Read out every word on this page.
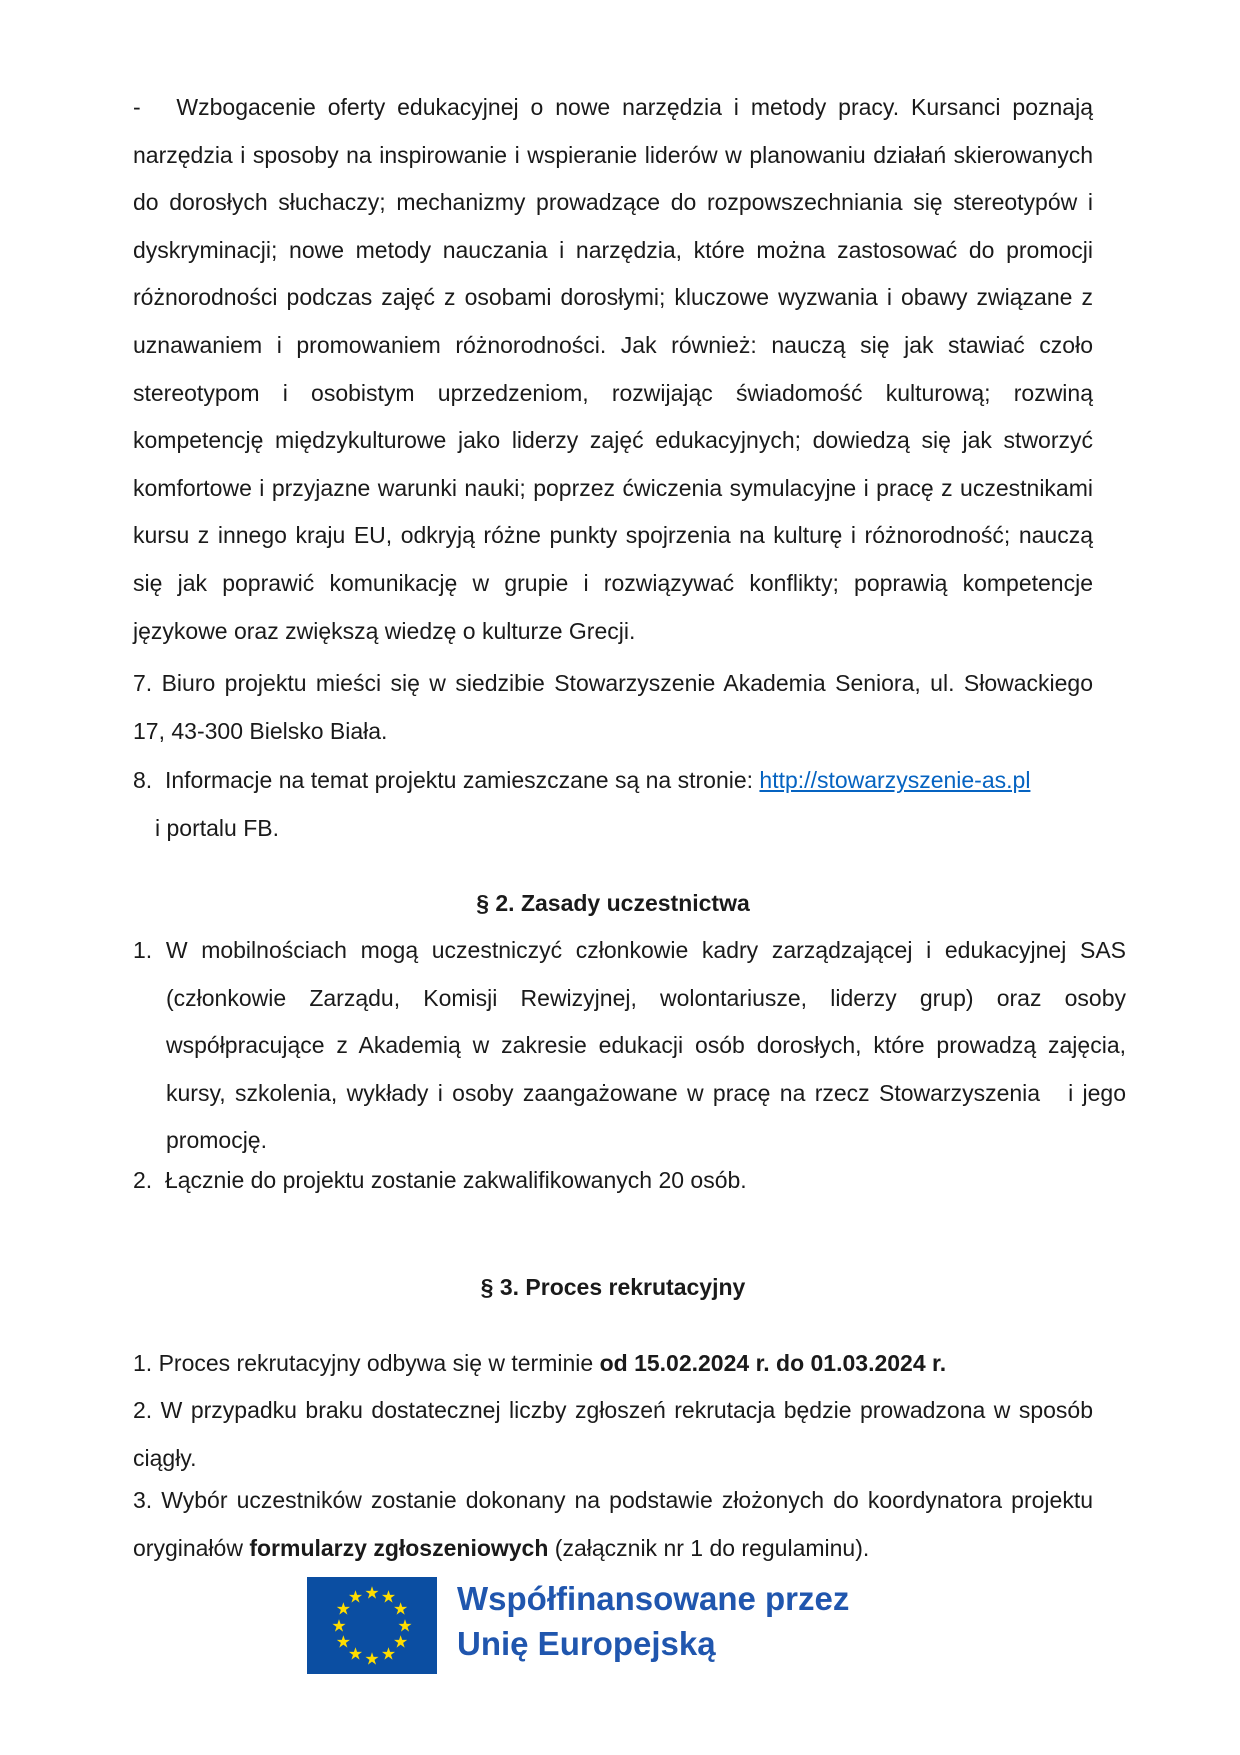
-   Wzbogacenie oferty edukacyjnej o nowe narzędzia i metody pracy. Kursanci poznają narzędzia i sposoby na inspirowanie i wspieranie liderów w planowaniu działań skierowanych do dorosłych słuchaczy; mechanizmy prowadzące do rozpowszechniania się stereotypów i dyskryminacji; nowe metody nauczania i narzędzia, które można zastosować do promocji różnorodności podczas zajęć z osobami dorosłymi; kluczowe wyzwania i obawy związane z uznawaniem i promowaniem różnorodności. Jak również: nauczą się jak stawiać czoło stereotypom i osobistym uprzedzeniom, rozwijając świadomość kulturową; rozwiną kompetencję międzykulturowe jako liderzy zajęć edukacyjnych; dowiedzą się jak stworzyć komfortowe i przyjazne warunki nauki; poprzez ćwiczenia symulacyjne i pracę z uczestnikami kursu z innego kraju EU, odkryją różne punkty spojrzenia na kulturę i różnorodność; nauczą się jak poprawić komunikację w grupie i rozwiązywać konflikty; poprawią kompetencje językowe oraz zwiększą wiedzę o kulturze Grecji.
7. Biuro projektu mieści się w siedzibie Stowarzyszenie Akademia Seniora, ul. Słowackiego 17, 43-300 Bielsko Biała.
8.  Informacje na temat projektu zamieszczane są na stronie: http://stowarzyszenie-as.pl
i portalu FB.
§ 2. Zasady uczestnictwa
1. W mobilnościach mogą uczestniczyć członkowie kadry zarządzającej i edukacyjnej SAS (członkowie Zarządu, Komisji Rewizyjnej, wolontariusze, liderzy grup) oraz osoby współpracujące z Akademią w zakresie edukacji osób dorosłych, które prowadzą zajęcia, kursy, szkolenia, wykłady i osoby zaangażowane w pracę na rzecz Stowarzyszenia   i jego promocję.
2.  Łącznie do projektu zostanie zakwalifikowanych 20 osób.
§ 3. Proces rekrutacyjny
1. Proces rekrutacyjny odbywa się w terminie od 15.02.2024 r. do 01.03.2024 r.
2. W przypadku braku dostatecznej liczby zgłoszeń rekrutacja będzie prowadzona w sposób ciągły.
3. Wybór uczestników zostanie dokonany na podstawie złożonych do koordynatora projektu oryginałów formularzy zgłoszeniowych (załącznik nr 1 do regulaminu).
★ ★
★
★
★
★
★
★
★
★
★
★	Współfinansowane przez
Unię Europejską
